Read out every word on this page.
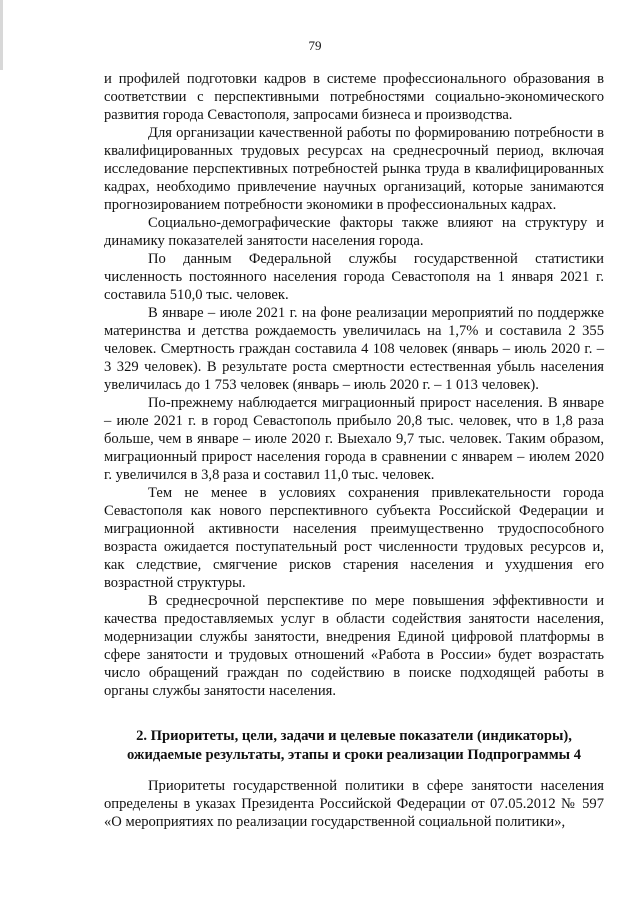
79

и профилей подготовки кадров в системе профессионального образования в соответствии с перспективными потребностями социально-экономического развития города Севастополя, запросами бизнеса и производства.

Для организации качественной работы по формированию потребности в квалифицированных трудовых ресурсах на среднесрочный период, включая исследование перспективных потребностей рынка труда в квалифицированных кадрах, необходимо привлечение научных организаций, которые занимаются прогнозированием потребности экономики в профессиональных кадрах.

Социально-демографические факторы также влияют на структуру и динамику показателей занятости населения города.

По данным Федеральной службы государственной статистики численность постоянного населения города Севастополя на 1 января 2021 г. составила 510,0 тыс. человек.

В январе – июле 2021 г. на фоне реализации мероприятий по поддержке материнства и детства рождаемость увеличилась на 1,7% и составила 2 355 человек. Смертность граждан составила 4 108 человек (январь – июль 2020 г. – 3 329 человек). В результате роста смертности естественная убыль населения увеличилась до 1 753 человек (январь – июль 2020 г. – 1 013 человек).

По-прежнему наблюдается миграционный прирост населения. В январе – июле 2021 г. в город Севастополь прибыло 20,8 тыс. человек, что в 1,8 раза больше, чем в январе – июле 2020 г. Выехало 9,7 тыс. человек. Таким образом, миграционный прирост населения города в сравнении с январем – июлем 2020 г. увеличился в 3,8 раза и составил 11,0 тыс. человек.

Тем не менее в условиях сохранения привлекательности города Севастополя как нового перспективного субъекта Российской Федерации и миграционной активности населения преимущественно трудоспособного возраста ожидается поступательный рост численности трудовых ресурсов и, как следствие, смягчение рисков старения населения и ухудшения его возрастной структуры.

В среднесрочной перспективе по мере повышения эффективности и качества предоставляемых услуг в области содействия занятости населения, модернизации службы занятости, внедрения Единой цифровой платформы в сфере занятости и трудовых отношений «Работа в России» будет возрастать число обращений граждан по содействию в поиске подходящей работы в органы службы занятости населения.

2. Приоритеты, цели, задачи и целевые показатели (индикаторы),
ожидаемые результаты, этапы и сроки реализации Подпрограммы 4

Приоритеты государственной политики в сфере занятости населения определены в указах Президента Российской Федерации от 07.05.2012 № 597 «О мероприятиях по реализации государственной социальной политики»,
